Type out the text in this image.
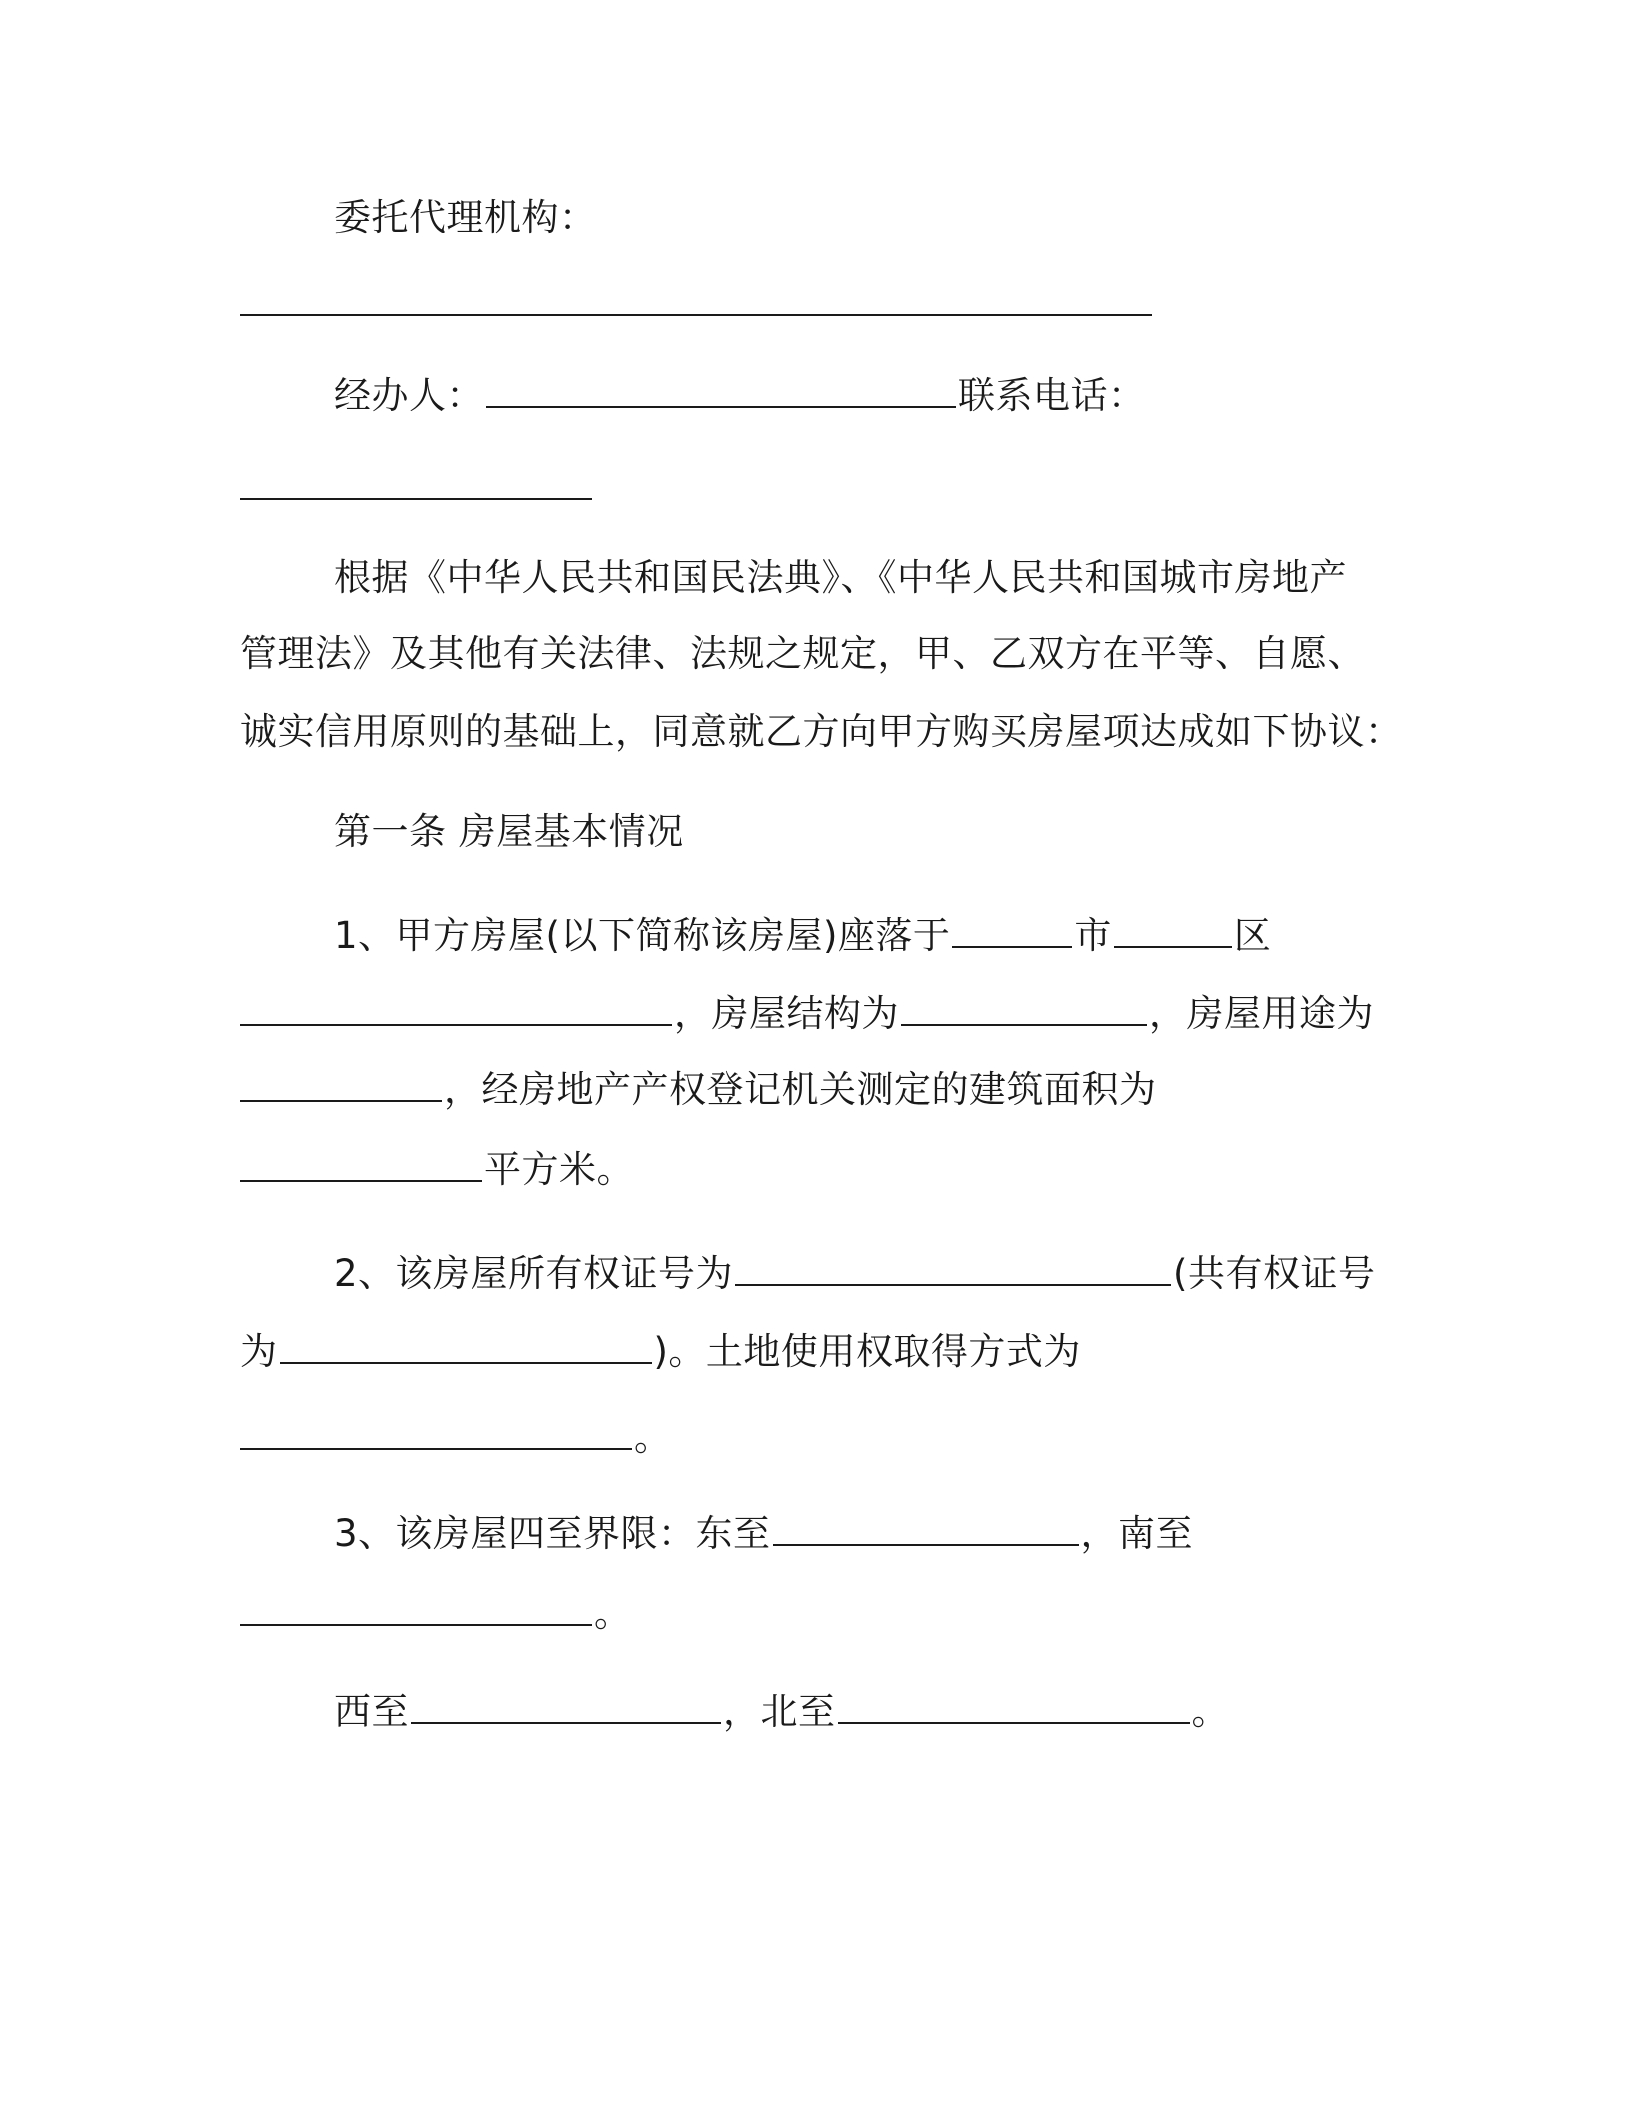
委托代理机构：
经办人：	联系电话：
根据《中华人民共和国民法典》、《中华人民共和国城市房地产
管理法》及其他有关法律、法规之规定，甲、乙双方在平等、自愿、
诚实信用原则的基础上，同意就乙方向甲方购买房屋项达成如下协议：
第一条 房屋基本情况
1、甲方房屋(以下简称该房屋)座落于	市	区
，房屋结构为	，房屋用途为
，经房地产产权登记机关测定的建筑面积为
平方米。
2、该房屋所有权证号为	(共有权证号
为	)。土地使用权取得方式为
。
3、该房屋四至界限：东至	，南至
。
西至	，北至	。
